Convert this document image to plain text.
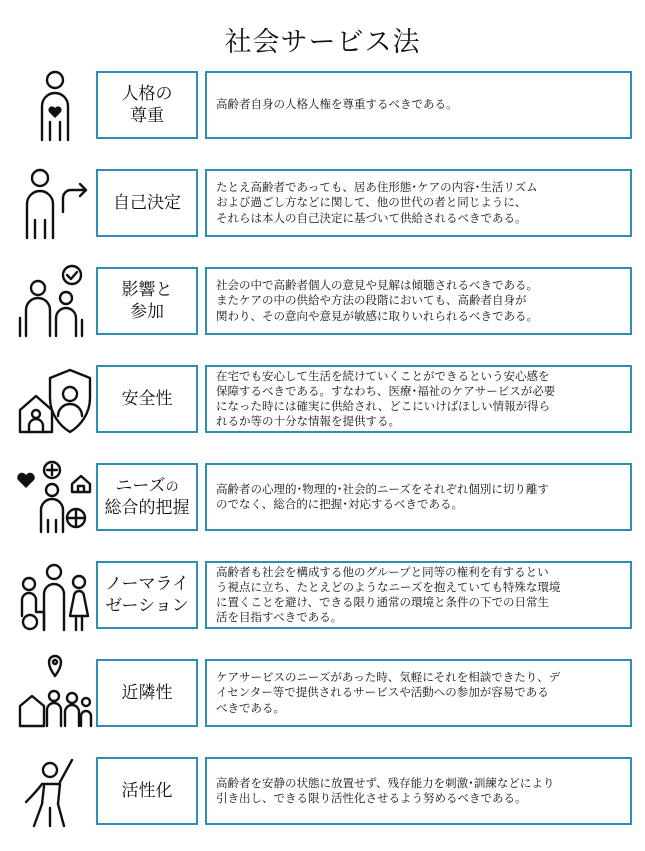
社会サービス法
人格の
尊重
高齢者自身の人格人権を尊重するべきである。
自己決定
たとえ高齢者であっても、居あ住形態･ケアの内容･生活リズム
および過ごし方などに関して、他の世代の者と同じように、
それらは本人の自己決定に基づいて供給されるべきである。
影響と
参加
社会の中で高齢者個人の意見や見解は傾聴されるべきである。
またケアの中の供給や方法の段階においても、高齢者自身が
関わり、その意向や意見が敏感に取りいれられるべきである。
安全性
在宅でも安心して生活を続けていくことができるという安心感を
保障するべきである。すなわち、医療･福祉のケアサービスが必要
になった時には確実に供給され、どこにいけばほしい情報が得ら
れるか等の十分な情報を提供する。
ニーズの
総合的把握
高齢者の心理的･物理的･社会的ニーズをそれぞれ個別に切り離す
のでなく、総合的に把握･対応するべきである。
ノーマライ
ゼーション
高齢者も社会を構成する他のグループと同等の権利を有するとい
う視点に立ち、たとえどのようなニーズを抱えていても特殊な環境
に置くことを避け、できる限り通常の環境と条件の下での日常生
活を目指すべきである。
近隣性
ケアサービスのニーズがあった時、気軽にそれを相談できたり、デ
イセンター等で提供されるサービスや活動への参加が容易である
べきである。
活性化	高齢者を安静の状態に放置せず、残存能力を刺激･訓練などにより
引き出し、できる限り活性化させるよう努めるべきである。
